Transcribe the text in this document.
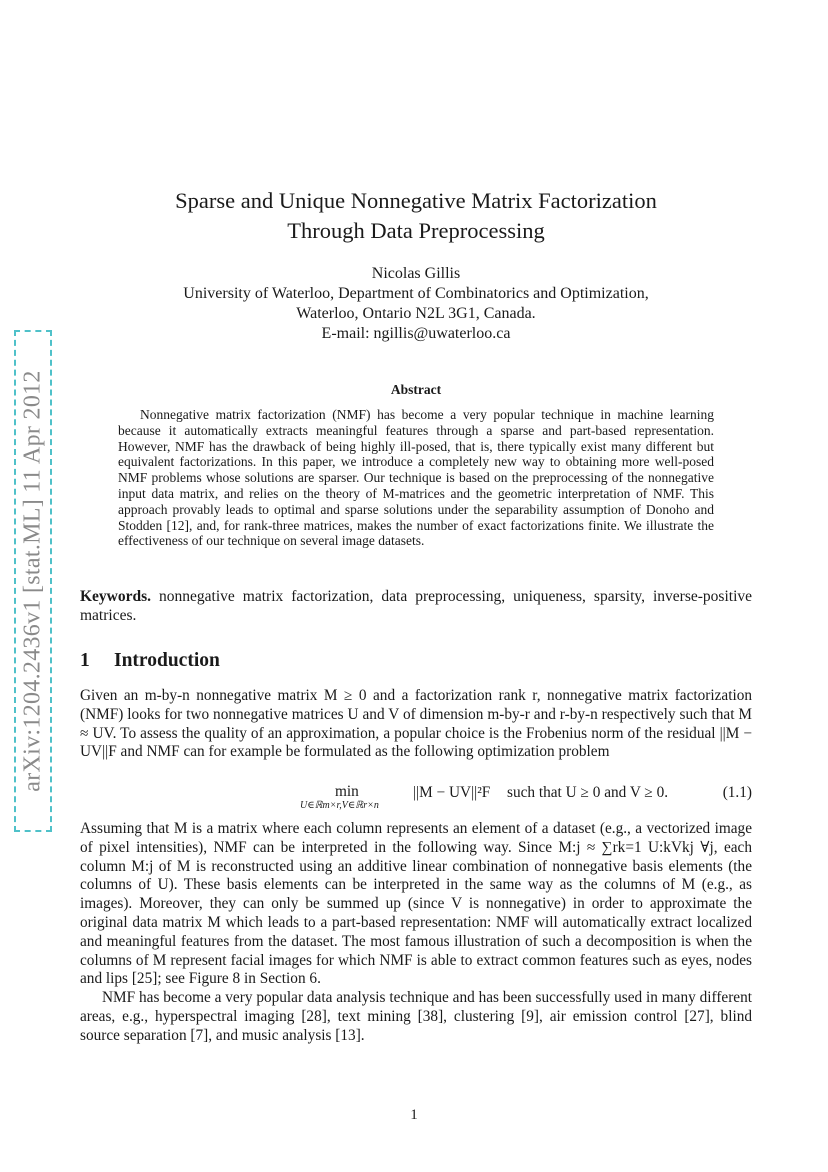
arXiv:1204.2436v1 [stat.ML] 11 Apr 2012
Sparse and Unique Nonnegative Matrix Factorization
Through Data Preprocessing
Nicolas Gillis
University of Waterloo, Department of Combinatorics and Optimization,
Waterloo, Ontario N2L 3G1, Canada.
E-mail: ngillis@uwaterloo.ca
Abstract

Nonnegative matrix factorization (NMF) has become a very popular technique in machine learning because it automatically extracts meaningful features through a sparse and part-based representation. However, NMF has the drawback of being highly ill-posed, that is, there typically exist many different but equivalent factorizations. In this paper, we introduce a completely new way to obtaining more well-posed NMF problems whose solutions are sparser. Our technique is based on the preprocessing of the nonnegative input data matrix, and relies on the theory of M-matrices and the geometric interpretation of NMF. This approach provably leads to optimal and sparse solutions under the separability assumption of Donoho and Stodden [12], and, for rank-three matrices, makes the number of exact factorizations finite. We illustrate the effectiveness of our technique on several image datasets.

Keywords. nonnegative matrix factorization, data preprocessing, uniqueness, sparsity, inverse-positive matrices.

1 Introduction

Given an m-by-n nonnegative matrix M ≥ 0 and a factorization rank r, nonnegative matrix factorization (NMF) looks for two nonnegative matrices U and V of dimension m-by-r and r-by-n respectively such that M ≈ UV. To assess the quality of an approximation, a popular choice is the Frobenius norm of the residual ||M − UV||F and NMF can for example be formulated as the following optimization problem

min
U∈ℝm×r,V∈ℝr×n
||M − UV||²F such that U ≥ 0 and V ≥ 0.	(1.1)

Assuming that M is a matrix where each column represents an element of a dataset (e.g., a vectorized image of pixel intensities), NMF can be interpreted in the following way. Since M:j ≈ ∑rk=1 U:kVkj ∀j, each column M:j of M is reconstructed using an additive linear combination of nonnegative basis elements (the columns of U). These basis elements can be interpreted in the same way as the columns of M (e.g., as images). Moreover, they can only be summed up (since V is nonnegative) in order to approximate the original data matrix M which leads to a part-based representation: NMF will automatically extract localized and meaningful features from the dataset. The most famous illustration of such a decomposition is when the columns of M represent facial images for which NMF is able to extract common features such as eyes, nodes and lips [25]; see Figure 8 in Section 6.

NMF has become a very popular data analysis technique and has been successfully used in many different areas, e.g., hyperspectral imaging [28], text mining [38], clustering [9], air emission control [27], blind source separation [7], and music analysis [13].

1
